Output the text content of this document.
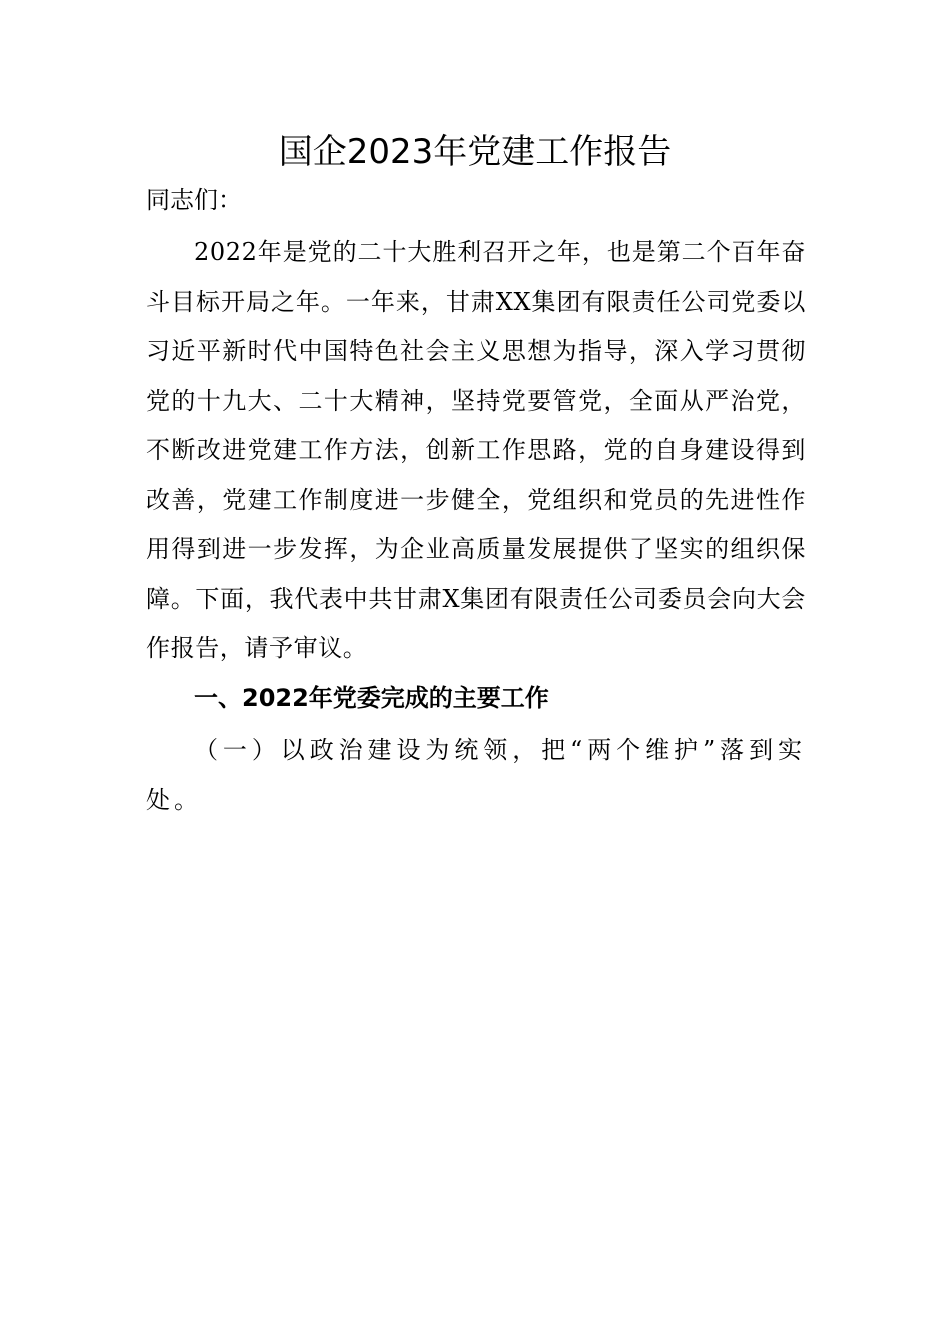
国企2023年党建工作报告

同志们：

2022年是党的二十大胜利召开之年，也是第二个百年奋斗目标开局之年。一年来，甘肃XX集团有限责任公司党委以习近平新时代中国特色社会主义思想为指导，深入学习贯彻党的十九大、二十大精神，坚持党要管党，全面从严治党，不断改进党建工作方法，创新工作思路，党的自身建设得到改善，党建工作制度进一步健全，党组织和党员的先进性作用得到进一步发挥，为企业高质量发展提供了坚实的组织保障。下面，我代表中共甘肃X集团有限责任公司委员会向大会作报告，请予审议。

一、2022年党委完成的主要工作

（一）以政治建设为统领，把“两个维护”落到实处。
